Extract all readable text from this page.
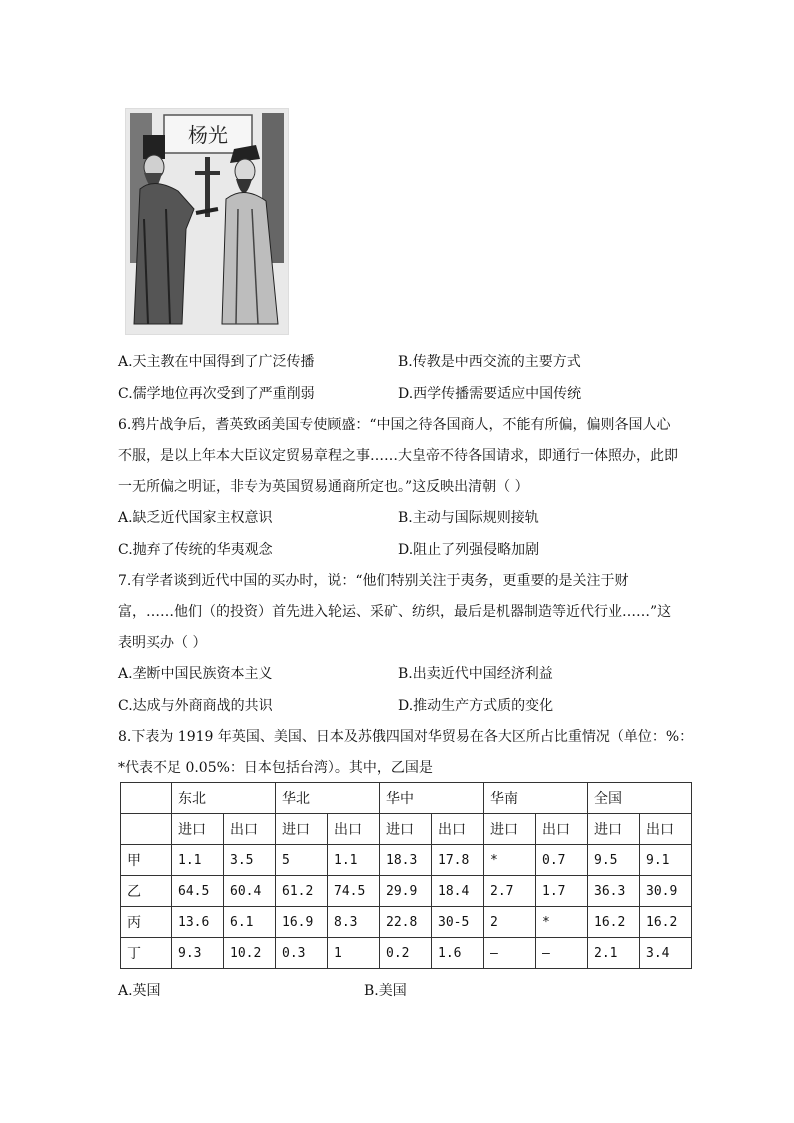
杨光
A.天主教在中国得到了广泛传播	B.传教是中西交流的主要方式
C.儒学地位再次受到了严重削弱	D.西学传播需要适应中国传统
6.鸦片战争后，耆英致函美国专使顾盛：“中国之待各国商人，不能有所偏，偏则各国人心
不服，是以上年本大臣议定贸易章程之事……大皇帝不待各国请求，即通行一体照办，此即
一无所偏之明证，非专为英国贸易通商所定也。”这反映出清朝（ ）
A.缺乏近代国家主权意识	B.主动与国际规则接轨
C.抛弃了传统的华夷观念	D.阻止了列强侵略加剧
7.有学者谈到近代中国的买办时，说：“他们特别关注于夷务，更重要的是关注于财
富，……他们（的投资）首先进入轮运、采矿、纺织，最后是机器制造等近代行业……”这
表明买办（ ）
A.垄断中国民族资本主义	B.出卖近代中国经济利益
C.达成与外商商战的共识	D.推动生产方式质的变化
8.下表为 1919 年英国、美国、日本及苏俄四国对华贸易在各大区所占比重情况（单位：%：
*代表不足 0.05%：日本包括台湾）。其中，乙国是
	东北		华北		华中		华南		全国	
	进口	出口	进口	出口	进口	出口	进口	出口	进口	出口
甲	1.1	3.5	5	1.1	18.3	17.8	*	0.7	9.5	9.1
乙	64.5	60.4	61.2	74.5	29.9	18.4	2.7	1.7	36.3	30.9
丙	13.6	6.1	16.9	8.3	22.8	30-5	2	*	16.2	16.2
丁	9.3	10.2	0.3	1	0.2	1.6	—	—	2.1	3.4
A.英国	B.美国
